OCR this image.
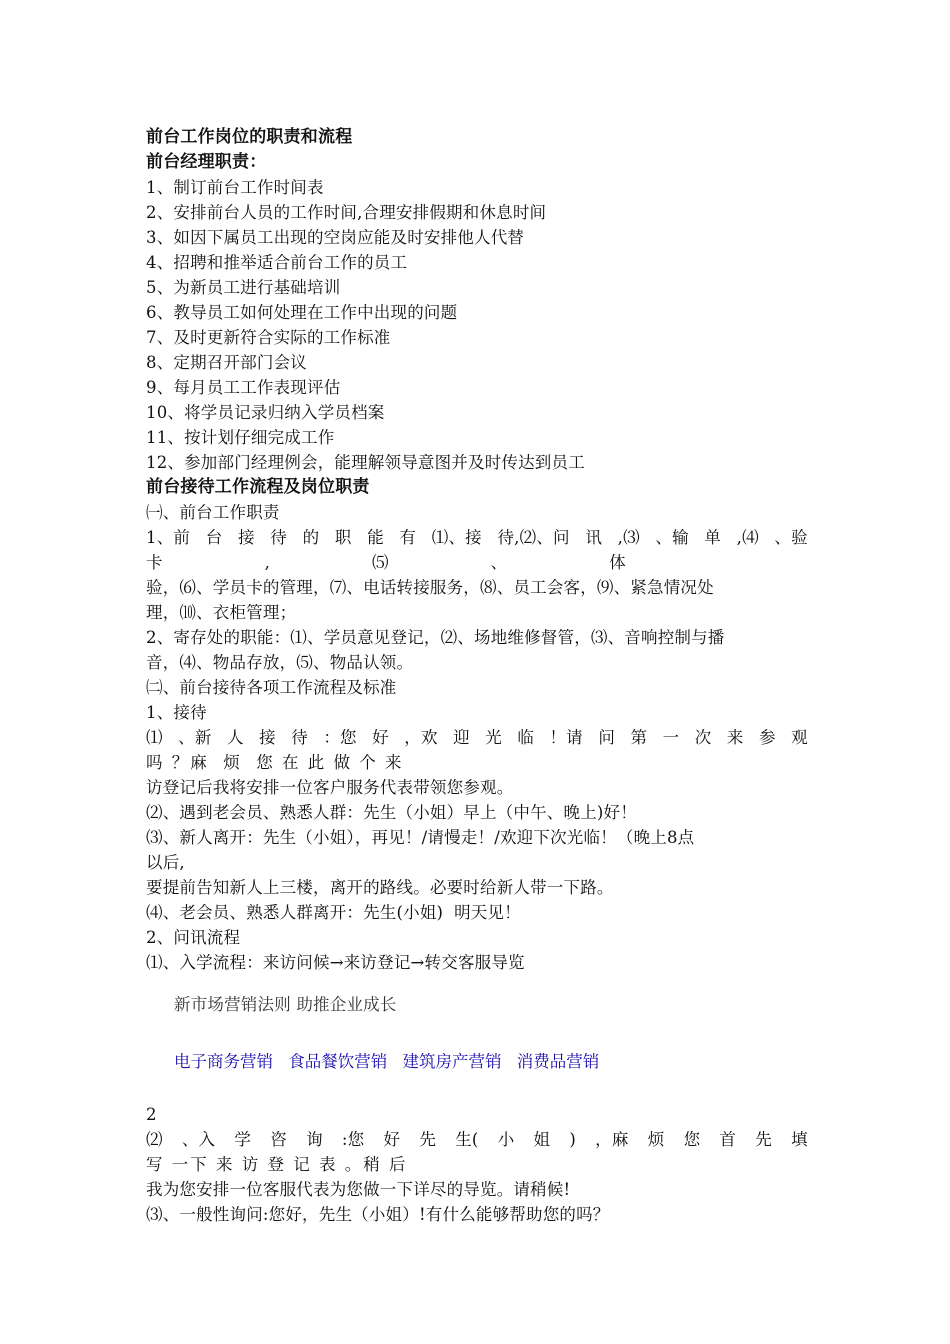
前台工作岗位的职责和流程
前台经理职责：
1、制订前台工作时间表
2、安排前台人员的工作时间,合理安排假期和休息时间
3、如因下属员工出现的空岗应能及时安排他人代替
4、招聘和推举适合前台工作的员工
5、为新员工进行基础培训
6、教导员工如何处理在工作中出现的问题
7、及时更新符合实际的工作标准
8、定期召开部门会议
9、每月员工工作表现评估
10、将学员记录归纳入学员档案
11、按计划仔细完成工作
12、参加部门经理例会，能理解领导意图并及时传达到员工
前台接待工作流程及岗位职责
㈠、前台工作职责
1、前 台 接 待 的 职 能 有 ⑴、接 待,⑵、问 讯 ,⑶ 、输 单 ,⑷ 、验
卡	,	⑸	、	体
验，⑹、学员卡的管理，⑺、电话转接服务，⑻、员工会客，⑼、紧急情况处
理，⑽、衣柜管理；
2、寄存处的职能：⑴、学员意见登记，⑵、场地维修督管，⑶、音响控制与播
音，⑷、物品存放，⑸、物品认领。
㈡、前台接待各项工作流程及标准
1、接待
⑴ 、新 人 接 待 ：您 好 ，欢 迎 光 临 ！请 问 第 一 次 来 参 观
吗 ？麻  烦  您 在 此 做 个 来
访登记后我将安排一位客户服务代表带领您参观。
⑵、遇到老会员、熟悉人群：先生（小姐）早上（中午、晚上)好！
⑶、新人离开：先生（小姐），再见！/请慢走！/欢迎下次光临！（晚上8点
以后,
要提前告知新人上三楼，离开的路线。必要时给新人带一下路。
⑷、老会员、熟悉人群离开：先生(小姐)  明天见！
2、问讯流程
⑴、入学流程：来访问候→来访登记→转交客服导览
新市场营销法则 助推企业成长
电子商务营销 食品餐饮营销 建筑房产营销 消费品营销
2
⑵ 、入 学 咨 询 :您 好 先 生( 小 姐 ) ，麻 烦 您 首 先 填
写 一下 来 访 登 记 表 。稍 后
我为您安排一位客服代表为您做一下详尽的导览。请稍候!
⑶、一般性询问:您好，先生（小姐）!有什么能够帮助您的吗？
